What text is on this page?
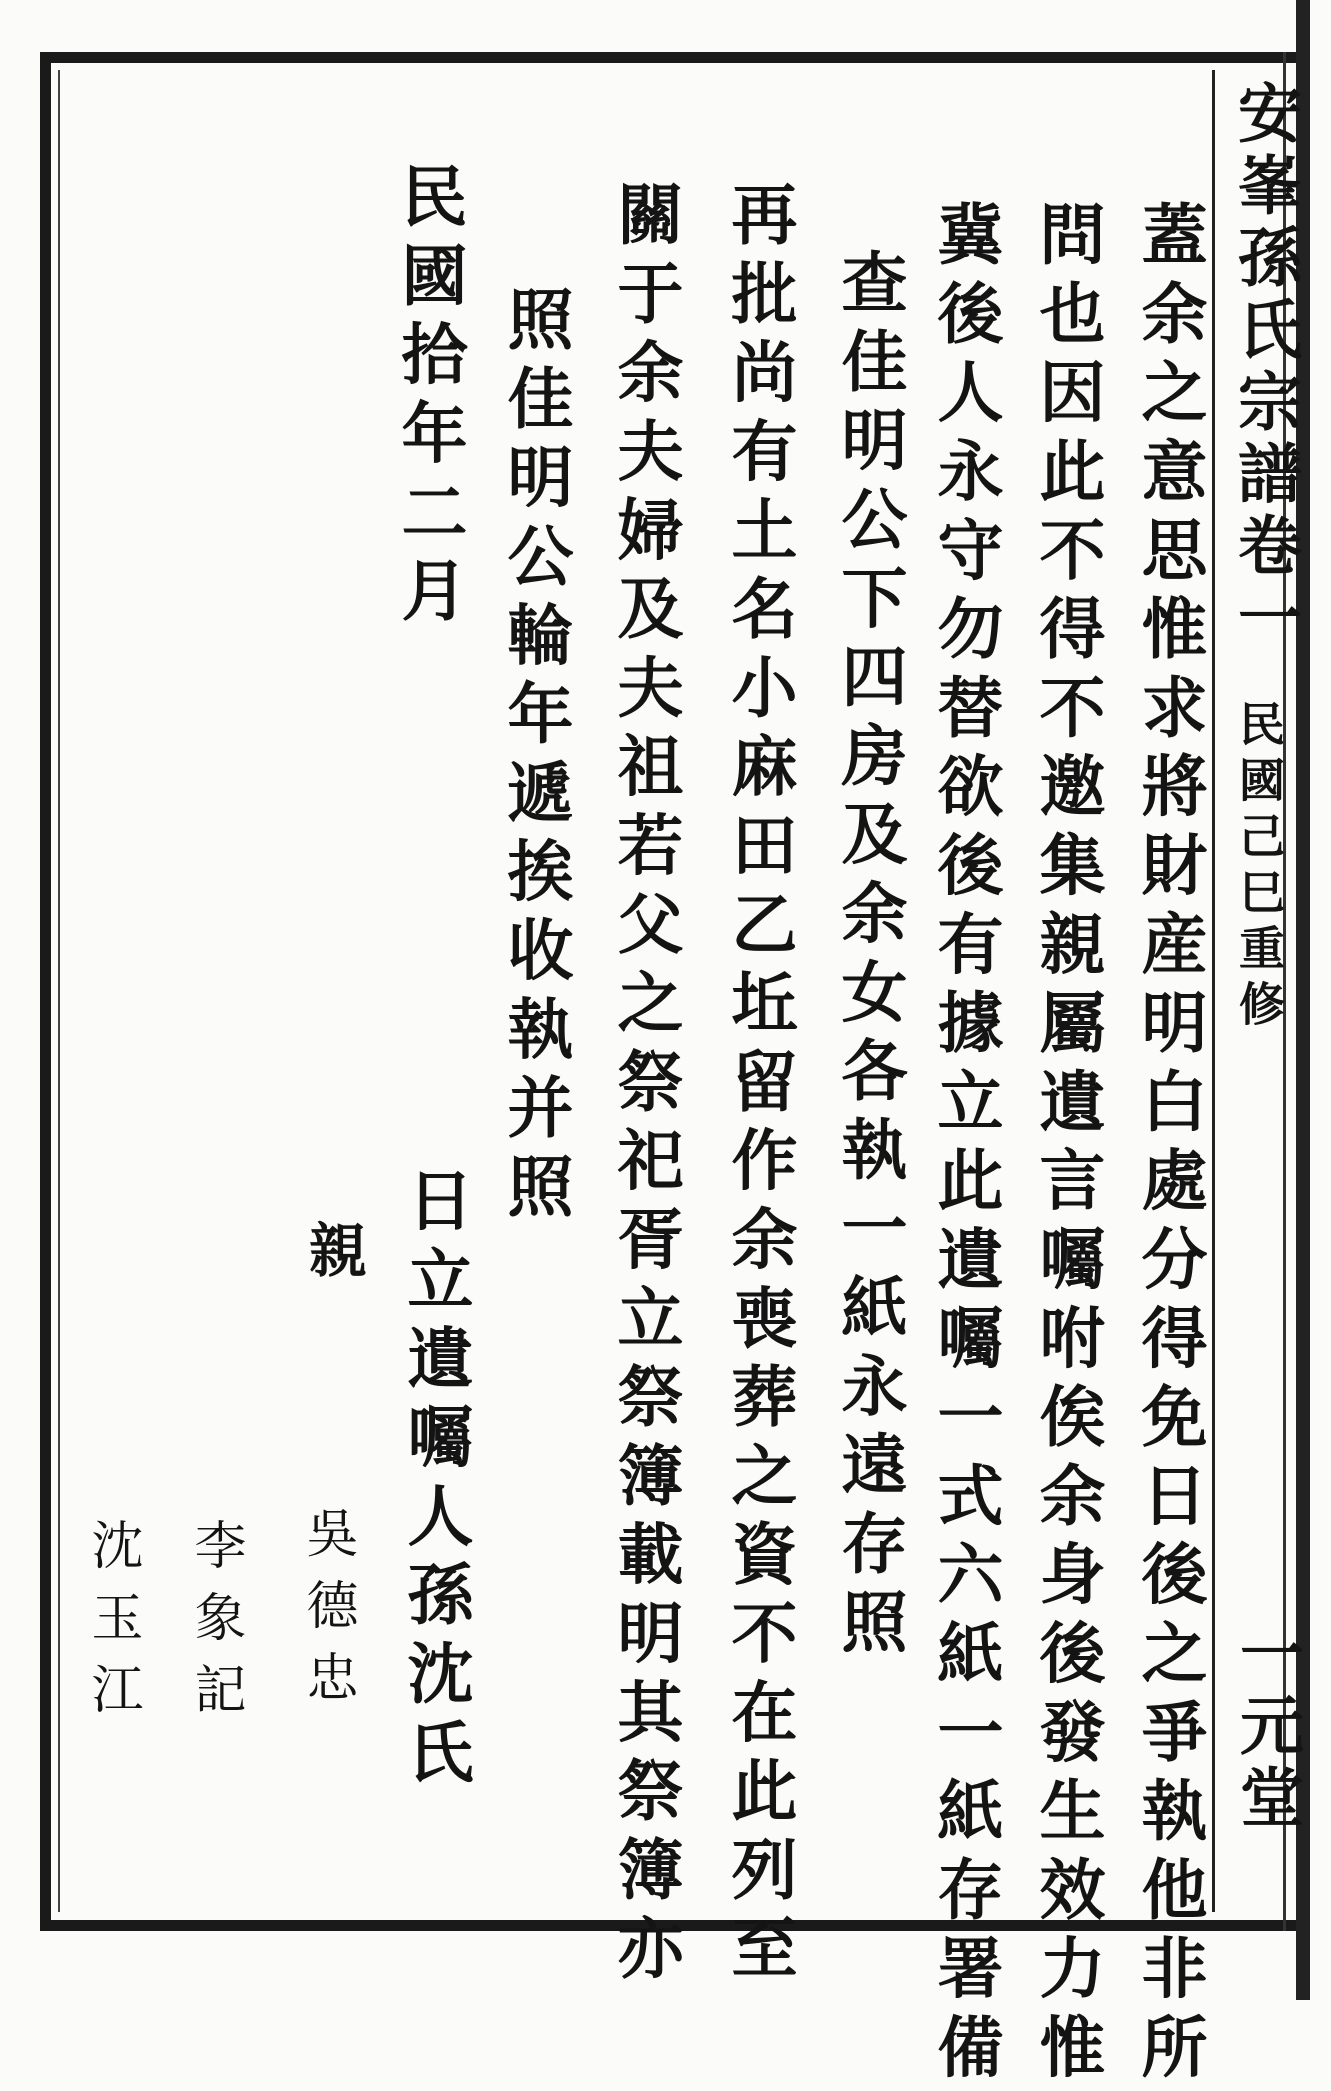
安峯孫氏宗譜卷一
民國己巳重修
一元堂
蓋余之意思惟求將財産明白處分得免日後之爭執他非所
問也因此不得不邀集親屬遺言囑咐俟余身後發生效力惟
冀後人永守勿替欲後有據立此遺囑一式六紙一紙存署備
查佳明公下四房及余女各執一紙永遠存照
再批尚有土名小麻田乙坵留作余喪葬之資不在此列至
關于余夫婦及夫祖若父之祭祀胥立祭簿載明其祭簿亦
照佳明公輪年遞挨收執并照
民國拾年二月
日立遺囑人孫沈氏
親
吳德忠
李象記
沈玉江
